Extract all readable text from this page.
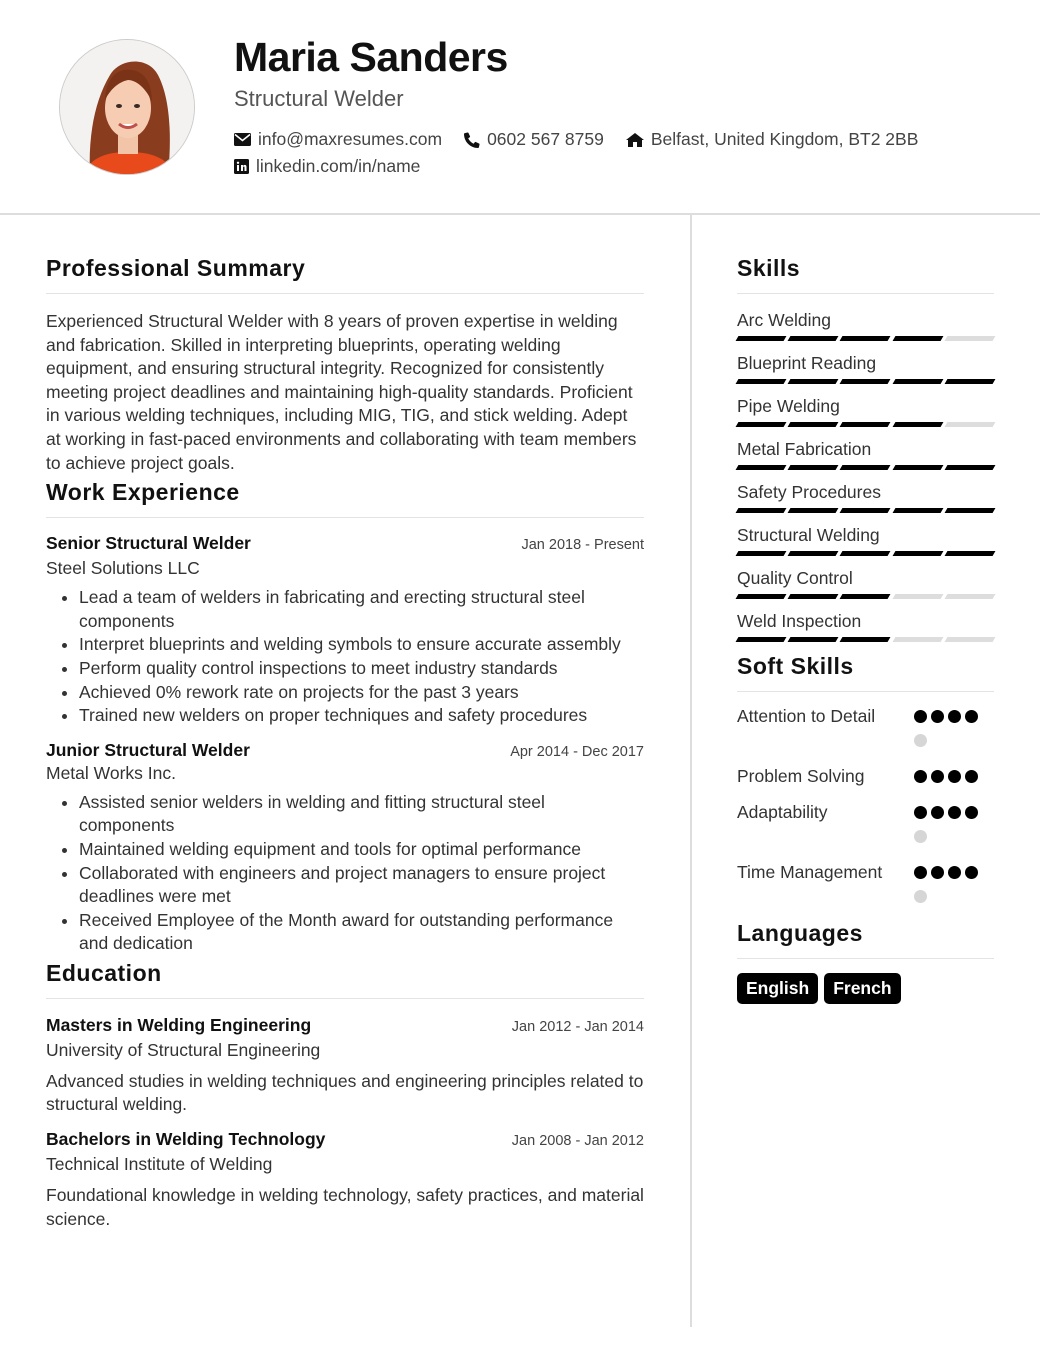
Maria Sanders
Structural Welder
info@maxresumes.com	0602 567 8759	Belfast, United Kingdom, BT2 2BB
linkedin.com/in/name
Professional Summary

Experienced Structural Welder with 8 years of proven expertise in welding and fabrication. Skilled in interpreting blueprints, operating welding equipment, and ensuring structural integrity. Recognized for consistently meeting project deadlines and maintaining high-quality standards. Proficient in various welding techniques, including MIG, TIG, and stick welding. Adept at working in fast-paced environments and collaborating with team members to achieve project goals.

Work Experience
Senior Structural Welder	Jan 2018 - Present
Steel Solutions LLC
• Lead a team of welders in fabricating and erecting structural steel components
• Interpret blueprints and welding symbols to ensure accurate assembly
• Perform quality control inspections to meet industry standards
• Achieved 0% rework rate on projects for the past 3 years
• Trained new welders on proper techniques and safety procedures
Junior Structural Welder	Apr 2014 - Dec 2017
Metal Works Inc.
• Assisted senior welders in welding and fitting structural steel components
• Maintained welding equipment and tools for optimal performance
• Collaborated with engineers and project managers to ensure project deadlines were met
• Received Employee of the Month award for outstanding performance and dedication
Education
Masters in Welding Engineering	Jan 2012 - Jan 2014
University of Structural Engineering

Advanced studies in welding techniques and engineering principles related to structural welding.

Bachelors in Welding Technology	Jan 2008 - Jan 2012
Technical Institute of Welding

Foundational knowledge in welding technology, safety practices, and material science.

Skills
Arc Welding
Blueprint Reading
Pipe Welding
Metal Fabrication
Safety Procedures
Structural Welding
Quality Control
Weld Inspection
Soft Skills
Attention to Detail
Problem Solving
Adaptability
Time Management
Languages
English	French
